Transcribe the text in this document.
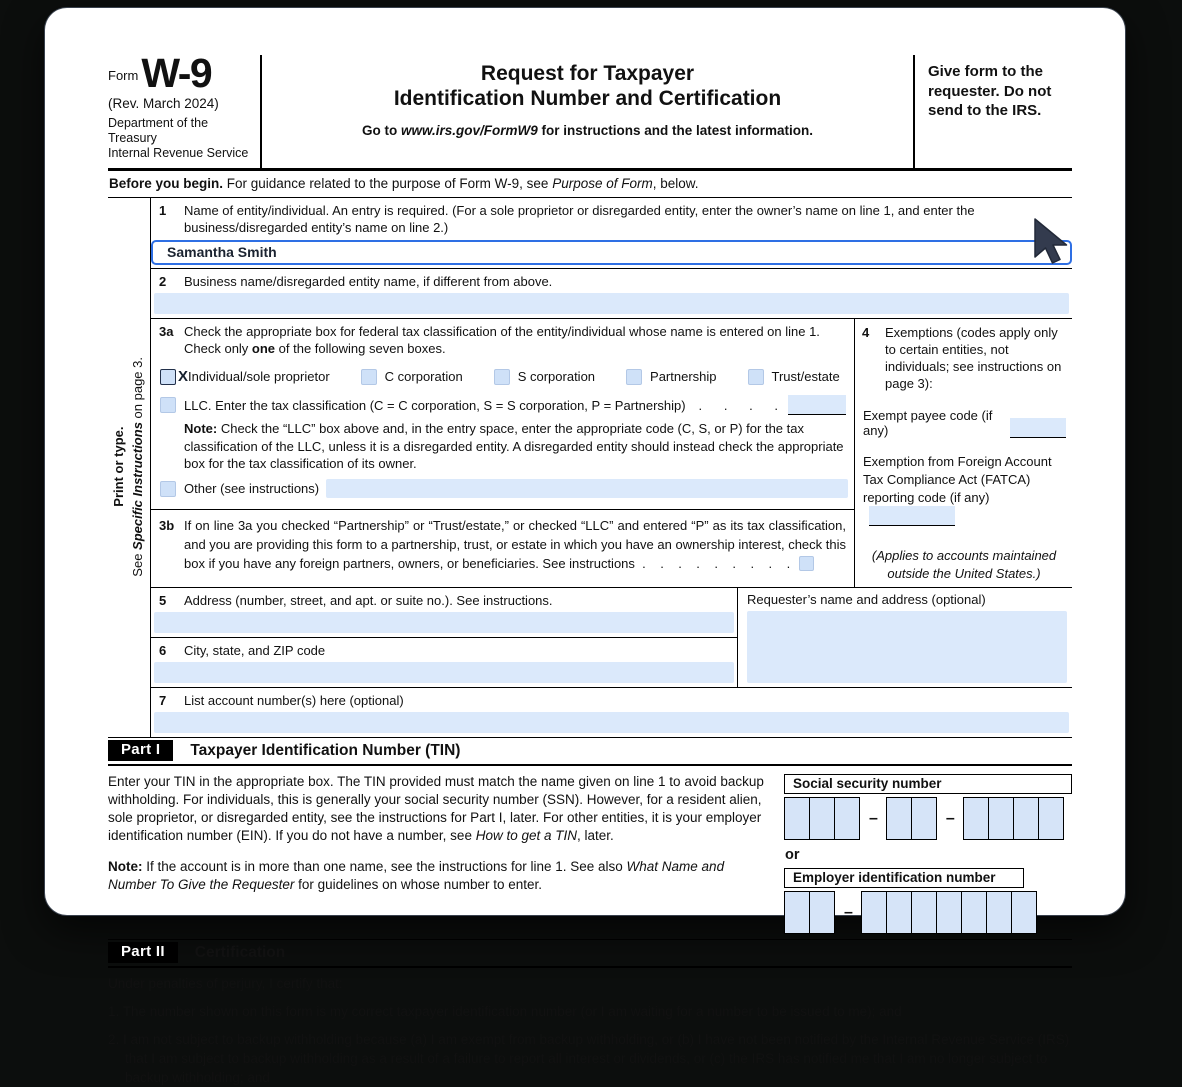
Form W-9
(Rev. March 2024)
Department of the Treasury
Internal Revenue Service
Request for Taxpayer
Identification Number and Certification
Go to www.irs.gov/FormW9 for instructions and the latest information.
Give form to the requester. Do not send to the IRS.
Before you begin. For guidance related to the purpose of Form W-9, see Purpose of Form, below.
Print or type.
See Specific Instructions on page 3.
1	Name of entity/individual. An entry is required. (For a sole proprietor or disregarded entity, enter the owner’s name on line 1, and enter the business/disregarded entity’s name on line 2.)
Samantha Smith
2	Business name/disregarded entity name, if different from above.
3a Check the appropriate box for federal tax classification of the entity/individual whose name is entered on line 1. Check only one of the following seven boxes.
X Individual/sole proprietor	C corporation	S corporation	Partnership	Trust/estate
LLC. Enter the tax classification (C = C corporation, S = S corporation, P = Partnership) .      .      .      .
Note: Check the “LLC” box above and, in the entry space, enter the appropriate code (C, S, or P) for the tax classification of the LLC, unless it is a disregarded entity. A disregarded entity should instead check the appropriate box for the tax classification of its owner.
Other (see instructions)
3b If on line 3a you checked “Partnership” or “Trust/estate,” or checked “LLC” and entered “P” as its tax classification, and you are providing this form to a partnership, trust, or estate in which you have an ownership interest, check this box if you have any foreign partners, owners, or beneficiaries. See instructions  .    .    .    .    .    .    .    .    .
4	Exemptions (codes apply only to certain entities, not individuals; see instructions on page 3):
Exempt payee code (if any)
Exemption from Foreign Account Tax Compliance Act (FATCA) reporting code (if any)
(Applies to accounts maintained outside the United States.)
5	Address (number, street, and apt. or suite no.). See instructions.
6	City, state, and ZIP code
Requester’s name and address (optional)
7	List account number(s) here (optional)
Part I	Taxpayer Identification Number (TIN)
Enter your TIN in the appropriate box. The TIN provided must match the name given on line 1 to avoid backup withholding. For individuals, this is generally your social security number (SSN). However, for a resident alien, sole proprietor, or disregarded entity, see the instructions for Part I, later. For other entities, it is your employer identification number (EIN). If you do not have a number, see How to get a TIN, later.
Note: If the account is in more than one name, see the instructions for line 1. See also What Name and Number To Give the Requester for guidelines on whose number to enter.
Social security number
–	–
or
Employer identification number
–
Part II	Certification
Under penalties of perjury, I certify that:
1. The number shown on this form is my correct taxpayer identification number (or I am waiting for a number to be issued to me); and
2. I am not subject to backup withholding because (a) I am exempt from backup withholding, or (b) I have not been notified by the Internal Revenue Service (IRS) that I am subject to backup withholding as a result of a failure to report all interest or dividends, or (c) the IRS has notified me that I am no longer subject to backup withholding; and
